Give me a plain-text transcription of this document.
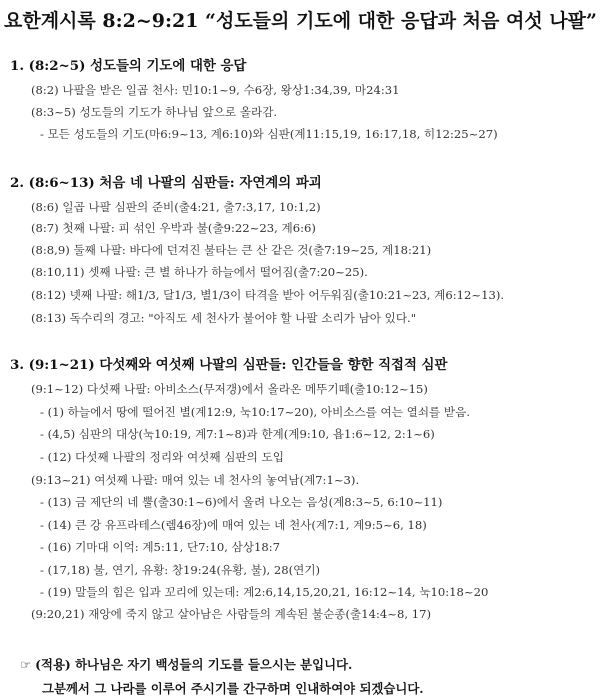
요한계시록 8:2~9:21 “성도들의 기도에 대한 응답과 처음 여섯 나팔”
1. (8:2~5) 성도들의 기도에 대한 응답
(8:2) 나팔을 받은 일곱 천사: 민10:1~9, 수6장, 왕상1:34,39, 마24:31
(8:3~5) 성도들의 기도가 하나님 앞으로 올라감.
- 모든 성도들의 기도(마6:9~13, 계6:10)와 심판(계11:15,19, 16:17,18, 히12:25~27)
2. (8:6~13) 처음 네 나팔의 심판들: 자연계의 파괴
(8:6) 일곱 나팔 심판의 준비(출4:21, 출7:3,17, 10:1,2)
(8:7) 첫째 나팔: 피 섞인 우박과 불(출9:22~23, 계6:6)
(8:8,9) 둘째 나팔: 바다에 던져진 불타는 큰 산 같은 것(출7:19~25, 계18:21)
(8:10,11) 셋째 나팔: 큰 별 하나가 하늘에서 떨어짐(출7:20~25).
(8:12) 넷째 나팔: 해1/3, 달1/3, 별1/3이 타격을 받아 어두워짐(출10:21~23, 계6:12~13).
(8:13) 독수리의 경고: "아직도 세 천사가 불어야 할 나팔 소리가 남아 있다."
3. (9:1~21) 다섯째와 여섯째 나팔의 심판들: 인간들을 향한 직접적 심판
(9:1~12) 다섯째 나팔: 아비소스(무저갱)에서 올라온 메뚜기떼(출10:12~15)
- (1) 하늘에서 땅에 떨어진 별(계12:9, 눅10:17~20), 아비소스를 여는 열쇠를 받음.
- (4,5) 심판의 대상(눅10:19, 계7:1~8)과 한계(계9:10, 욥1:6~12, 2:1~6)
- (12) 다섯째 나팔의 정리와 여섯째 심판의 도입
(9:13~21) 여섯째 나팔: 매여 있는 네 천사의 놓여남(계7:1~3).
- (13) 금 제단의 네 뿔(출30:1~6)에서 울려 나오는 음성(계8:3~5, 6:10~11)
- (14) 큰 강 유프라테스(렘46장)에 매여 있는 네 천사(계7:1, 계9:5~6, 18)
- (16) 기마대 이억: 계5:11, 단7:10, 삼상18:7
- (17,18) 불, 연기, 유황: 창19:24(유황, 불), 28(연기)
- (19) 말들의 힘은 입과 꼬리에 있는데: 계2:6,14,15,20,21, 16:12~14, 눅10:18~20
(9:20,21) 재앙에 죽지 않고 살아남은 사람들의 계속된 불순종(출14:4~8, 17)
☞ (적용) 하나님은 자기 백성들의 기도를 들으시는 분입니다.
그분께서 그 나라를 이루어 주시기를 간구하며 인내하여야 되겠습니다.
